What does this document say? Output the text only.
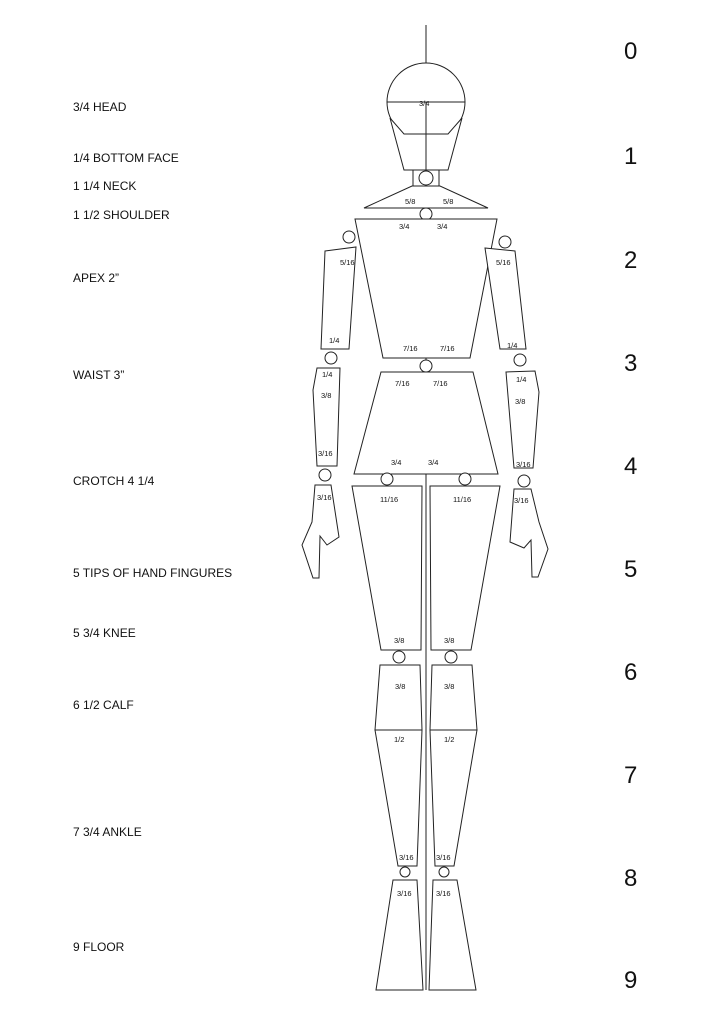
3/4 HEAD
1/4 BOTTOM FACE
1 1/4 NECK
1 1/2 SHOULDER
APEX 2”
WAIST 3”
CROTCH 4 1/4
5 TIPS OF HAND FINGURES
5 3/4 KNEE
6 1/2 CALF
7 3/4 ANKLE
9 FLOOR
0
1
2
3
4
5
6
7
8
9
3/4
5/8	5/8
3/4	3/4
7/16	7/16
7/16	7/16
3/4	3/4
11/16	11/16
3/8	3/8
3/8	3/8
1/2	1/2
3/16	3/16
3/16	3/16
5/16
1/4
1/4
3/8
3/16
3/16
5/16
1/4
1/4
3/8
3/16
3/16
